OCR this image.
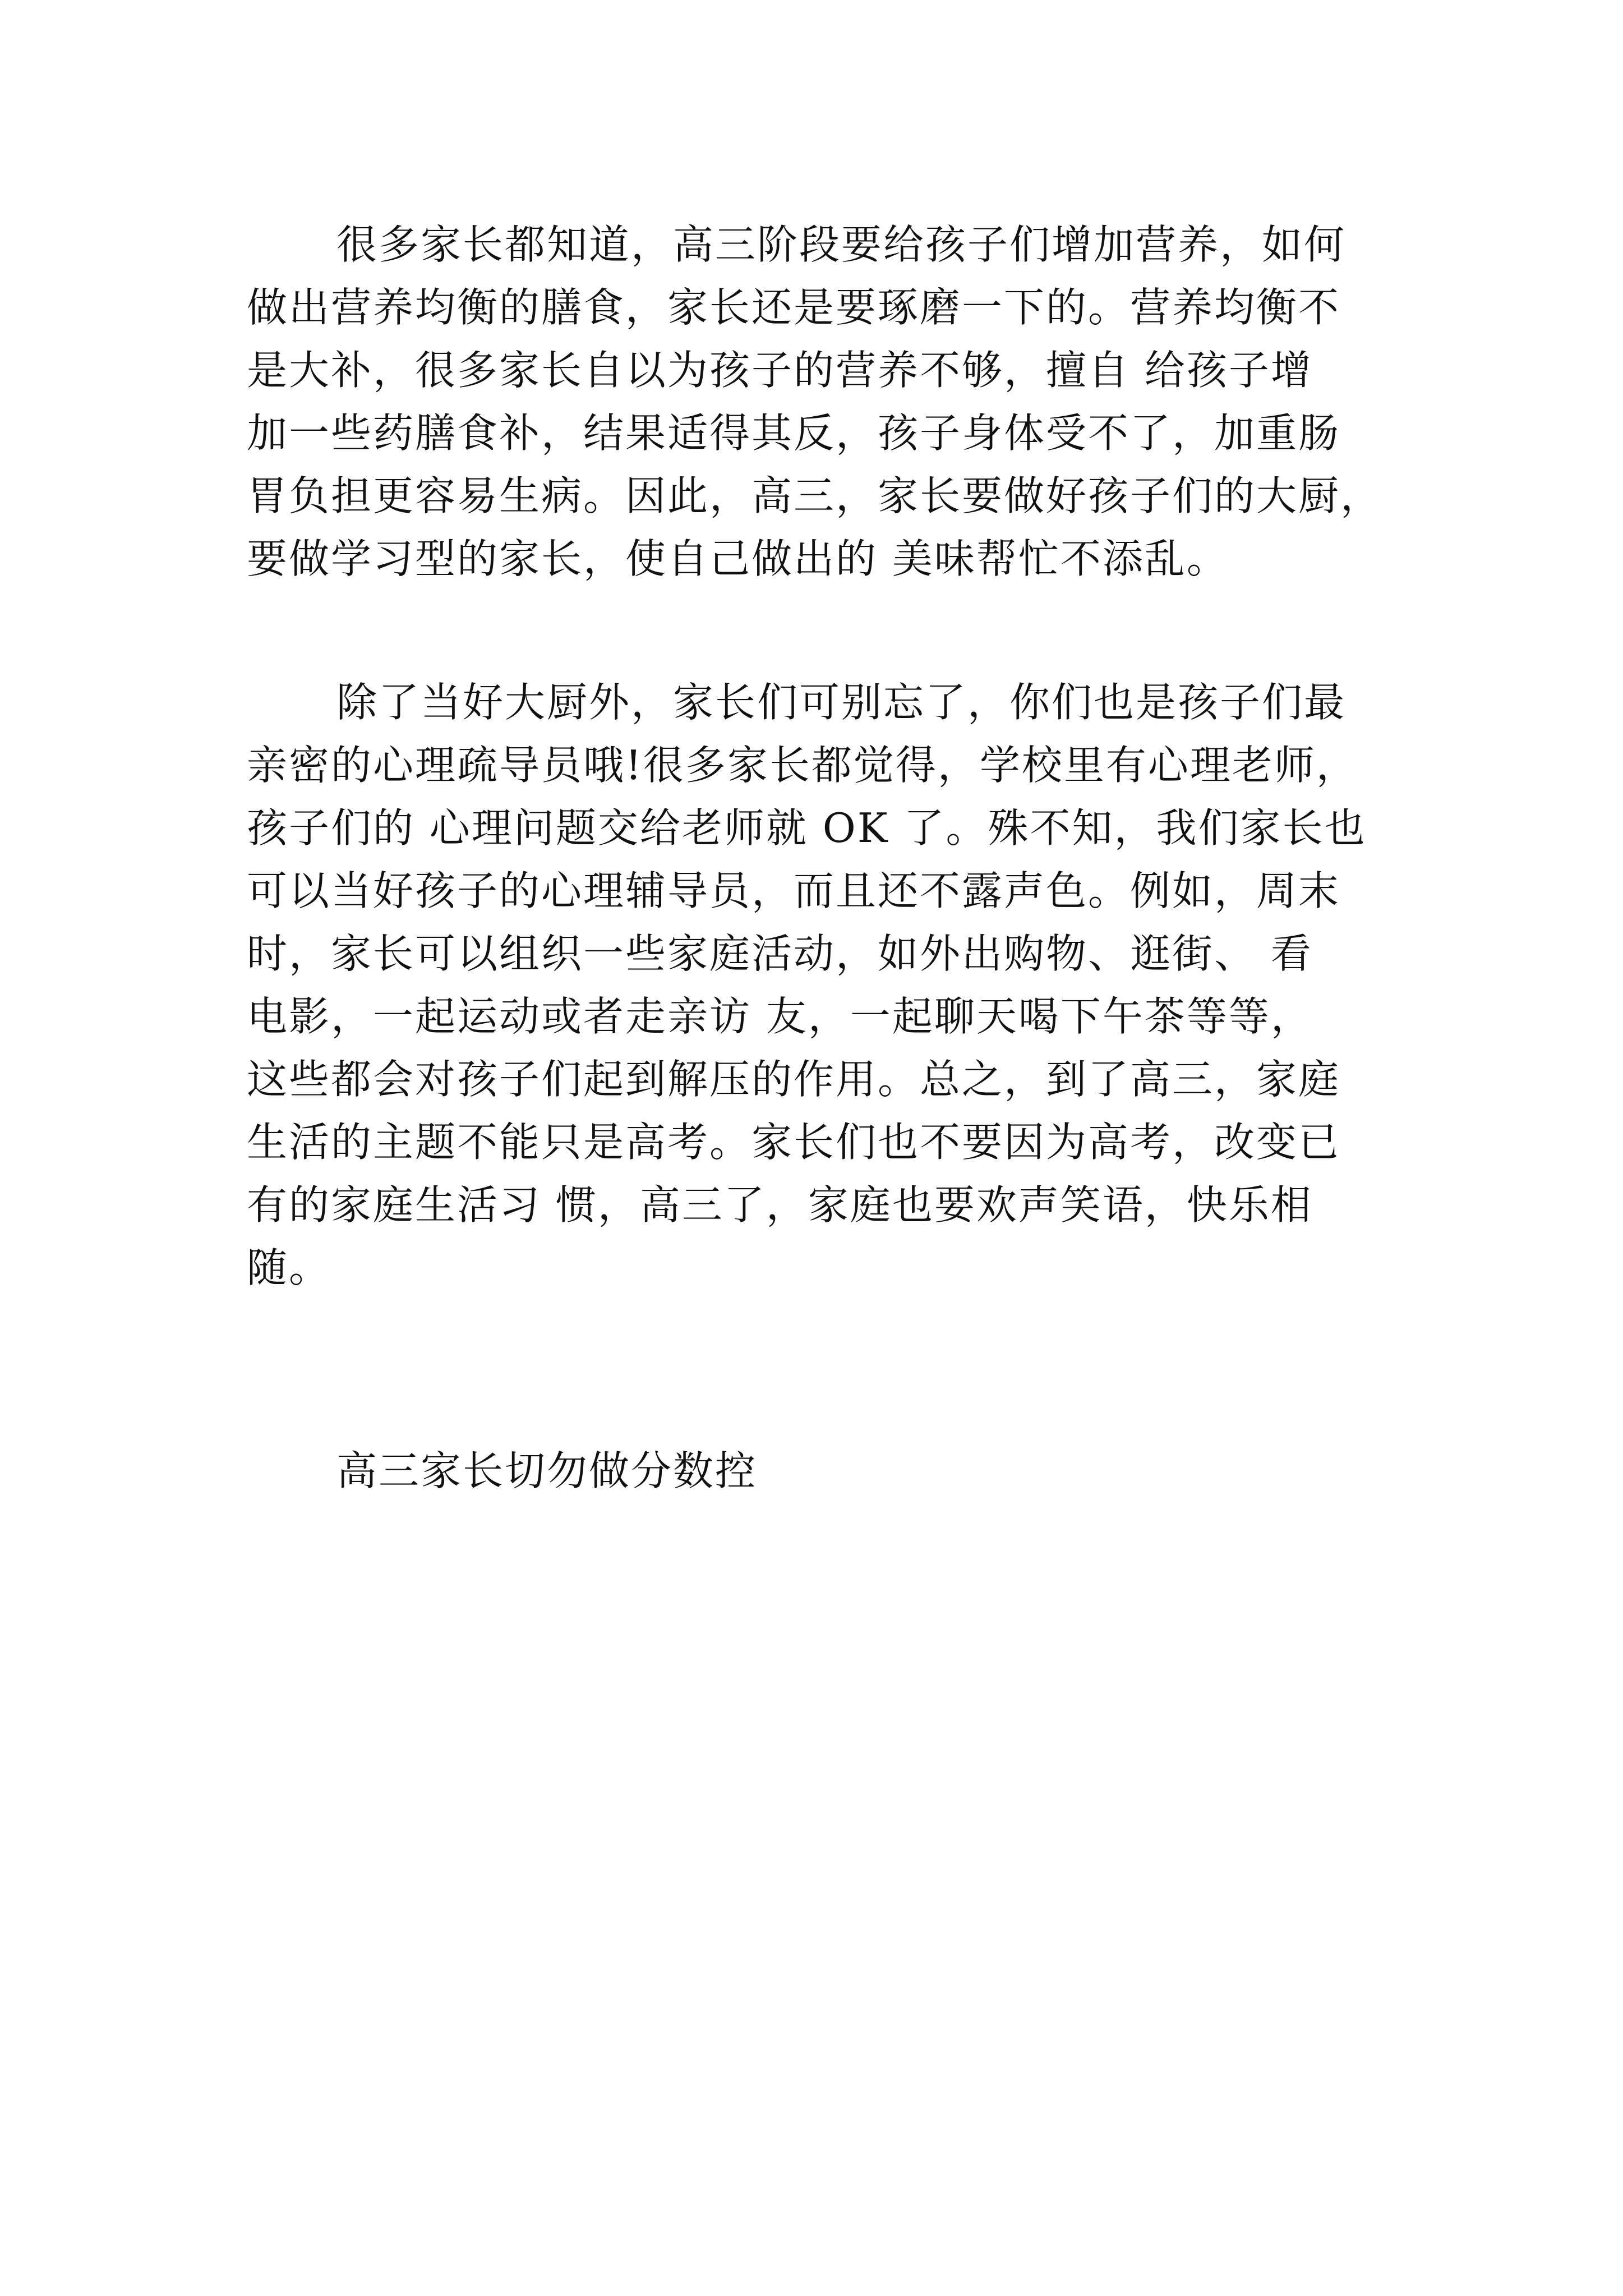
很多家长都知道，高三阶段要给孩子们增加营养，如何
做出营养均衡的膳食，家长还是要琢磨一下的。营养均衡不
是大补，很多家长自以为孩子的营养不够，擅自 给孩子增
加一些药膳食补，结果适得其反，孩子身体受不了，加重肠
胃负担更容易生病。因此，高三，家长要做好孩子们的大厨，
要做学习型的家长，使自己做出的 美味帮忙不添乱。
除了当好大厨外，家长们可别忘了，你们也是孩子们最
亲密的心理疏导员哦!很多家长都觉得，学校里有心理老师，
孩子们的 心理问题交给老师就 OK 了。殊不知，我们家长也
可以当好孩子的心理辅导员，而且还不露声色。例如，周末
时，家长可以组织一些家庭活动，如外出购物、逛街、 看
电影，一起运动或者走亲访 友，一起聊天喝下午茶等等，
这些都会对孩子们起到解压的作用。总之，到了高三，家庭
生活的主题不能只是高考。家长们也不要因为高考，改变已
有的家庭生活习 惯，高三了，家庭也要欢声笑语，快乐相
随。
高三家长切勿做分数控
